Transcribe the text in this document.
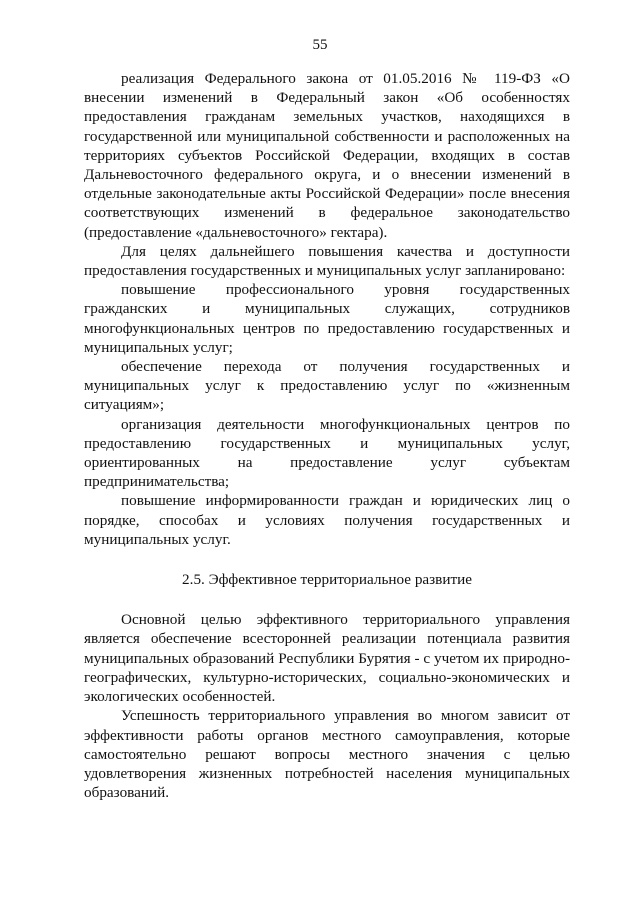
55

реализация Федерального закона от 01.05.2016 № 119-ФЗ «О внесении изменений в Федеральный закон «Об особенностях предоставления гражданам земельных участков, находящихся в государственной или муниципальной собственности и расположенных на территориях субъектов Российской Федерации, входящих в состав Дальневосточного федерального округа, и о внесении изменений в отдельные законодательные акты Российской Федерации» после внесения соответствующих изменений в федеральное законодательство (предоставление «дальневосточного» гектара).

Для целях дальнейшего повышения качества и доступности предоставления государственных и муниципальных услуг запланировано:

повышение профессионального уровня государственных гражданских и муниципальных служащих, сотрудников многофункциональных центров по предоставлению государственных и муниципальных услуг;

обеспечение перехода от получения государственных и муниципальных услуг к предоставлению услуг по «жизненным ситуациям»;

организация деятельности многофункциональных центров по предоставлению государственных и муниципальных услуг, ориентированных на предоставление услуг субъектам предпринимательства;

повышение информированности граждан и юридических лиц о порядке, способах и условиях получения государственных и муниципальных услуг.

2.5. Эффективное территориальное развитие

Основной целью эффективного территориального управления является обеспечение всесторонней реализации потенциала развития муниципальных образований Республики Бурятия - с учетом их природно-географических, культурно-исторических, социально-экономических и экологических особенностей.

Успешность территориального управления во многом зависит от эффективности работы органов местного самоуправления, которые самостоятельно решают вопросы местного значения с целью удовлетворения жизненных потребностей населения муниципальных образований.
